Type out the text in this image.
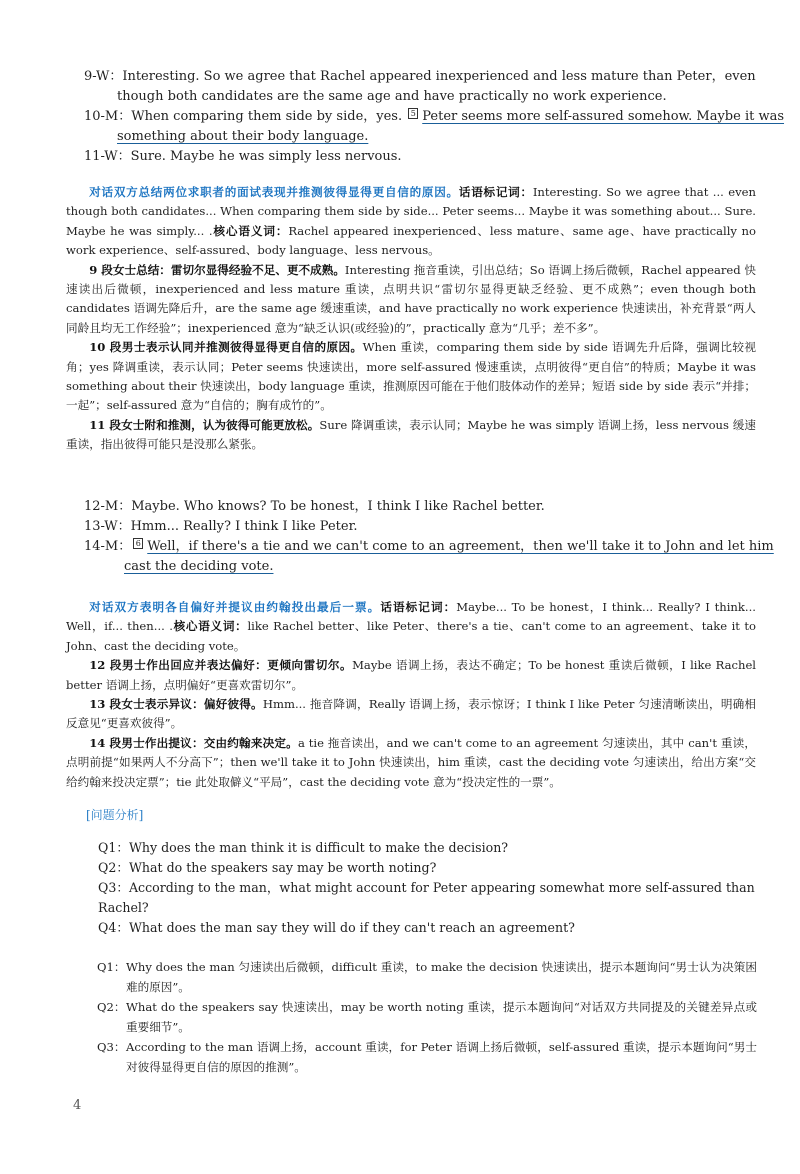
9-W：Interesting. So we agree that Rachel appeared inexperienced and less mature than Peter，even
though both candidates are the same age and have practically no work experience.
10-M：When comparing them side by side，yes. 5 Peter seems more self-assured somehow. Maybe it was
something about their body language.
11-W：Sure. Maybe he was simply less nervous.

对话双方总结两位求职者的面试表现并推测彼得显得更自信的原因。话语标记词：Interesting. So we agree that ... even though both candidates... When comparing them side by side... Peter seems... Maybe it was something about... Sure. Maybe he was simply... .核心语义词：Rachel appeared inexperienced、less mature、same age、have practically no work experience、self-assured、body language、less nervous。

9 段女士总结：雷切尔显得经验不足、更不成熟。Interesting 拖音重读，引出总结；So 语调上扬后微顿，Rachel appeared 快速读出后微顿，inexperienced and less mature 重读，点明共识“雷切尔显得更缺乏经验、更不成熟”；even though both candidates 语调先降后升，are the same age 缓速重读，and have practically no work experience 快速读出，补充背景“两人同龄且均无工作经验”；inexperienced 意为“缺乏认识(或经验)的”，practically 意为“几乎；差不多”。

10 段男士表示认同并推测彼得显得更自信的原因。When 重读，comparing them side by side 语调先升后降，强调比较视角；yes 降调重读，表示认同；Peter seems 快速读出，more self-assured 慢速重读，点明彼得“更自信”的特质；Maybe it was something about their 快速读出，body language 重读，推测原因可能在于他们肢体动作的差异；短语 side by side 表示“并排；一起”；self-assured 意为“自信的；胸有成竹的”。

11 段女士附和推测，认为彼得可能更放松。Sure 降调重读，表示认同；Maybe he was simply 语调上扬，less nervous 缓速重读，指出彼得可能只是没那么紧张。

12-M：Maybe. Who knows? To be honest，I think I like Rachel better.
13-W：Hmm... Really? I think I like Peter.
14-M： 6 Well，if there's a tie and we can't come to an agreement，then we'll take it to John and let him
cast the deciding vote.

对话双方表明各自偏好并提议由约翰投出最后一票。话语标记词：Maybe... To be honest，I think... Really? I think... Well，if... then... .核心语义词：like Rachel better、like Peter、there's a tie、can't come to an agreement、take it to John、cast the deciding vote。

12 段男士作出回应并表达偏好：更倾向雷切尔。Maybe 语调上扬，表达不确定；To be honest 重读后微顿，I like Rachel better 语调上扬，点明偏好“更喜欢雷切尔”。

13 段女士表示异议：偏好彼得。Hmm... 拖音降调，Really 语调上扬，表示惊讶；I think I like Peter 匀速清晰读出，明确相反意见“更喜欢彼得”。

14 段男士作出提议：交由约翰来决定。a tie 拖音读出，and we can't come to an agreement 匀速读出，其中 can't 重读，点明前提“如果两人不分高下”；then we'll take it to John 快速读出，him 重读，cast the deciding vote 匀速读出，给出方案“交给约翰来投决定票”；tie 此处取僻义“平局”，cast the deciding vote 意为“投决定性的一票”。

[问题分析]
Q1：Why does the man think it is difficult to make the decision?
Q2：What do the speakers say may be worth noting?
Q3：According to the man，what might account for Peter appearing somewhat more self-assured than
Rachel?
Q4：What does the man say they will do if they can't reach an agreement?
Q1： Why does the man 匀速读出后微顿，difficult 重读，to make the decision 快速读出，提示本题询问“男士认为决策困难的原因”。
Q2： What do the speakers say 快速读出，may be worth noting 重读，提示本题询问“对话双方共同提及的关键差异点或重要细节”。
Q3： According to the man 语调上扬，account 重读，for Peter 语调上扬后微顿，self-assured 重读，提示本题询问“男士对彼得显得更自信的原因的推测”。
4
